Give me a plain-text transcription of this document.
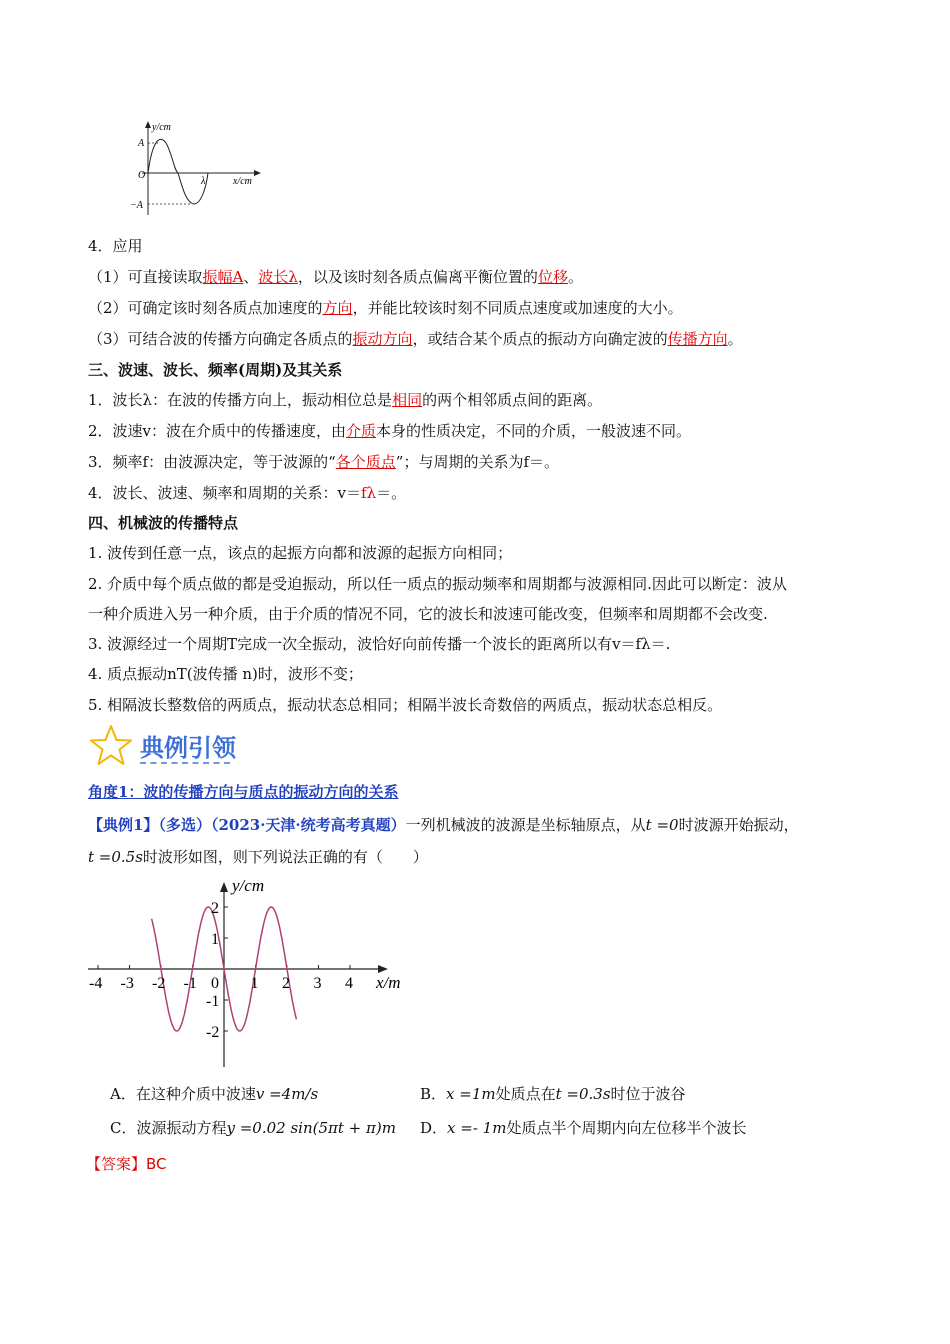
y/cm
x/cm
A
−A
O
λ
4．应用
（1）可直接读取振幅A、波长λ，以及该时刻各质点偏离平衡位置的位移。
（2）可确定该时刻各质点加速度的方向，并能比较该时刻不同质点速度或加速度的大小。
（3）可结合波的传播方向确定各质点的振动方向，或结合某个质点的振动方向确定波的传播方向。
三、波速、波长、频率(周期)及其关系
1．波长λ：在波的传播方向上，振动相位总是相同的两个相邻质点间的距离。
2．波速v：波在介质中的传播速度，由介质本身的性质决定，不同的介质，一般波速不同。
3．频率f：由波源决定，等于波源的“各个质点”；与周期的关系为f＝。
4．波长、波速、频率和周期的关系：v＝fλ＝。
四、机械波的传播特点
1. 波传到任意一点，该点的起振方向都和波源的起振方向相同；
2. 介质中每个质点做的都是受迫振动，所以任一质点的振动频率和周期都与波源相同.因此可以断定：波从
一种介质进入另一种介质，由于介质的情况不同，它的波长和波速可能改变，但频率和周期都不会改变.
3. 波源经过一个周期T完成一次全振动，波恰好向前传播一个波长的距离所以有v＝fλ＝.
4. 质点振动nT(波传播 n)时，波形不变；
5. 相隔波长整数倍的两质点，振动状态总相同；相隔半波长奇数倍的两质点，振动状态总相反。
典例引领
角度1：波的传播方向与质点的振动方向的关系
【典例1】（多选）（2023·天津·统考高考真题）一列机械波的波源是坐标轴原点，从t =0时波源开始振动，
t =0.5s时波形如图，则下列说法正确的有（　　）
y/cm
x/m
-4 -3 -2 -1 0 1 2 3 4
2
1
-1
-2
A．在这种介质中波速v =4m/s	B．x =1m处质点在t =0.3s时位于波谷
C．波源振动方程y =0.02 sin(5πt + π)m D．x =- 1m处质点半个周期内向左位移半个波长
【答案】BC
